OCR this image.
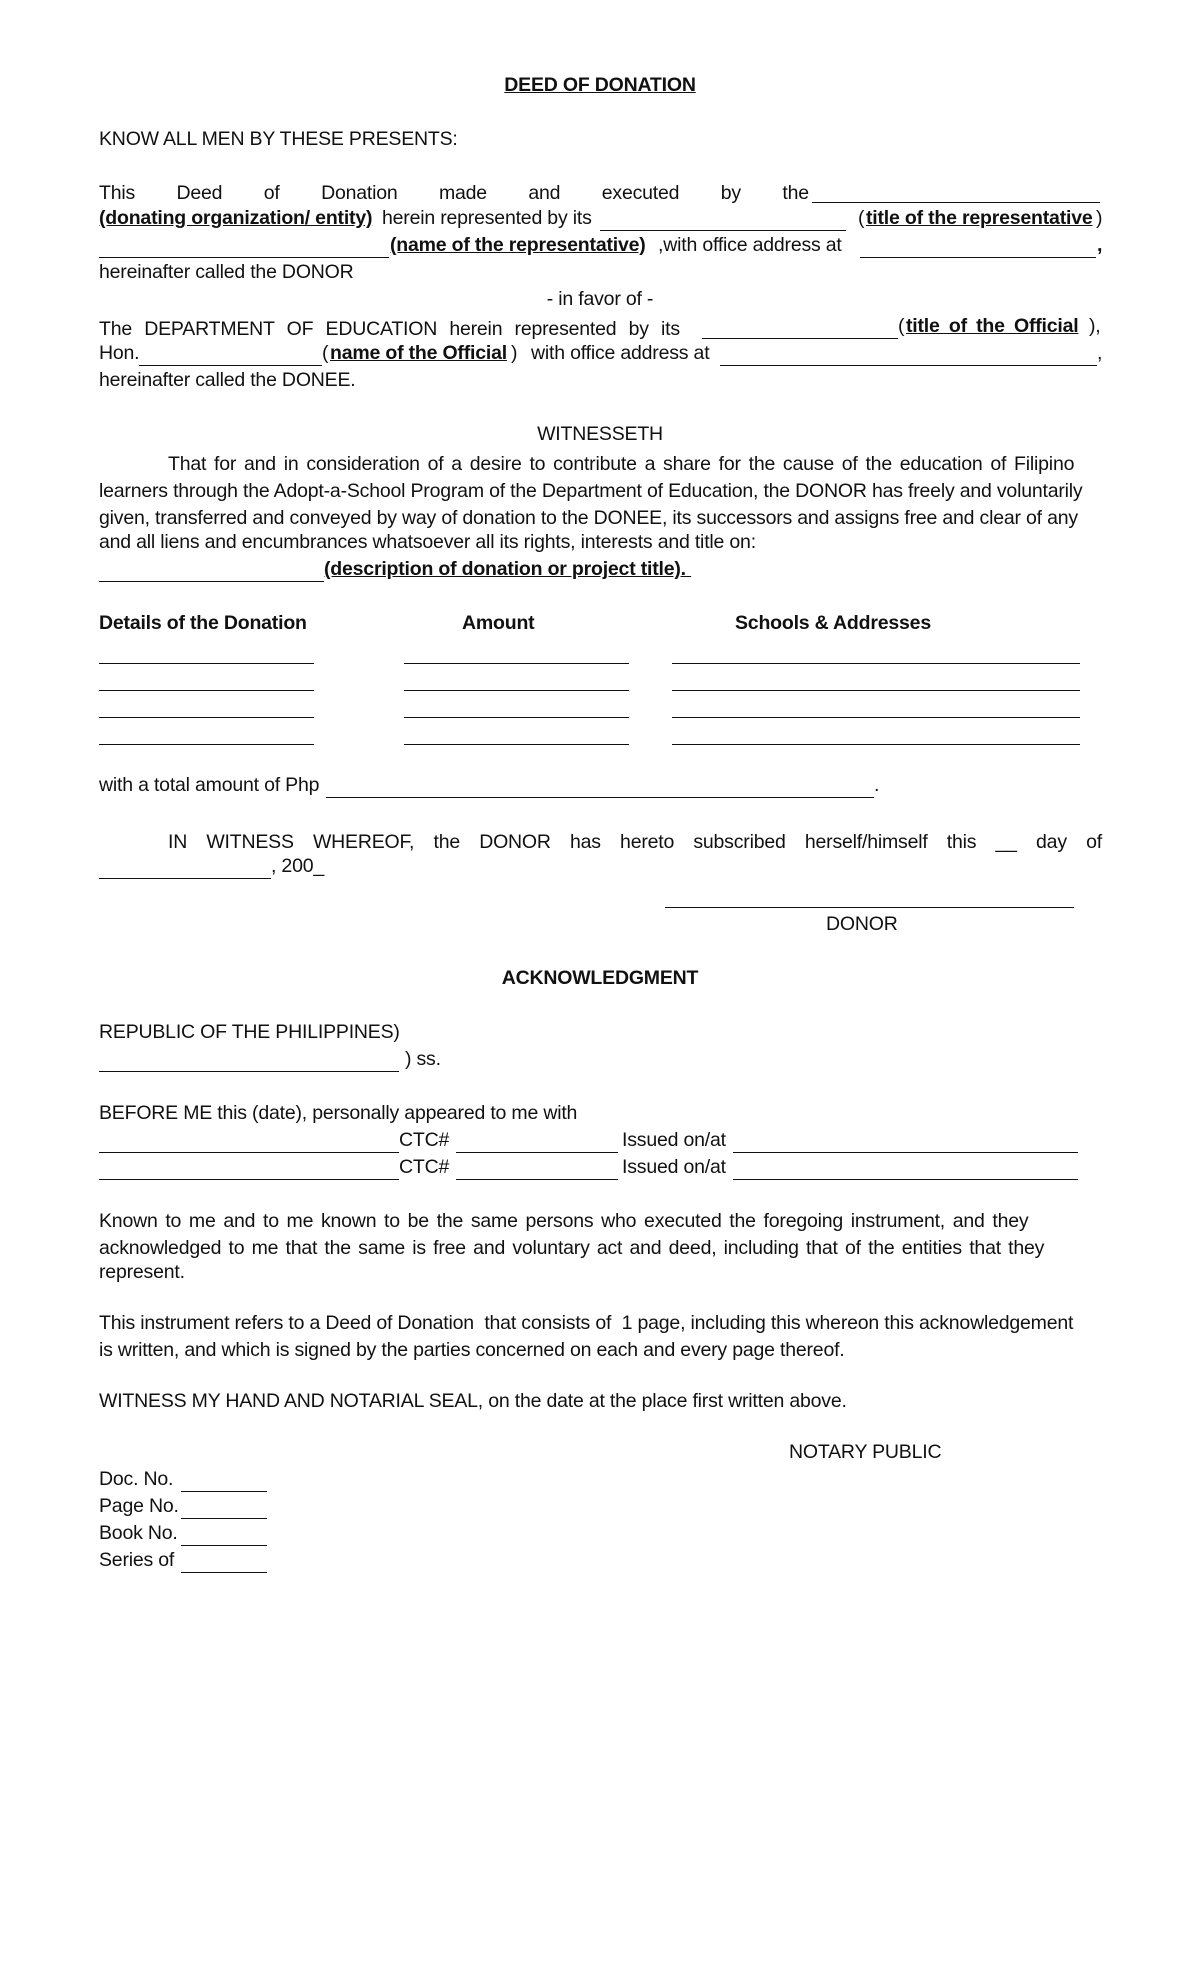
DEED OF DONATION
KNOW ALL MEN BY THESE PRESENTS:
This Deed of Donation made and executed by the
(donating organization/ entity) herein represented by its	( title of the representative )
(name of the representative) ,with office address at	,
hereinafter called the DONOR
- in favor of -
The DEPARTMENT OF EDUCATION herein represented by its	( title of the Official ),
Hon.	( name of the Official ) with office address at	,
hereinafter called the DONEE.
WITNESSETH
That for and in consideration of a desire to contribute a share for the cause of the education of Filipino
learners through the Adopt-a-School Program of the Department of Education, the DONOR has freely and voluntarily
given, transferred and conveyed by way of donation to the DONEE, its successors and assigns free and clear of any
and all liens and encumbrances whatsoever all its rights, interests and title on:
(description of donation or project title).
Details of the Donation	Amount	Schools & Addresses
with a total amount of Php	.
IN WITNESS WHEREOF, the DONOR has hereto subscribed herself/himself this __ day of
, 200_
DONOR
ACKNOWLEDGMENT
REPUBLIC OF THE PHILIPPINES)
) ss.
BEFORE ME this (date), personally appeared to me with
CTC#	Issued on/at
CTC#	Issued on/at
Known to me and to me known to be the same persons who executed the foregoing instrument, and they
acknowledged to me that the same is free and voluntary act and deed, including that of the entities that they
represent.
This instrument refers to a Deed of Donation  that consists of  1 page, including this whereon this acknowledgement
is written, and which is signed by the parties concerned on each and every page thereof.
WITNESS MY HAND AND NOTARIAL SEAL, on the date at the place first written above.
NOTARY PUBLIC
Doc. No.
Page No.
Book No.
Series of
